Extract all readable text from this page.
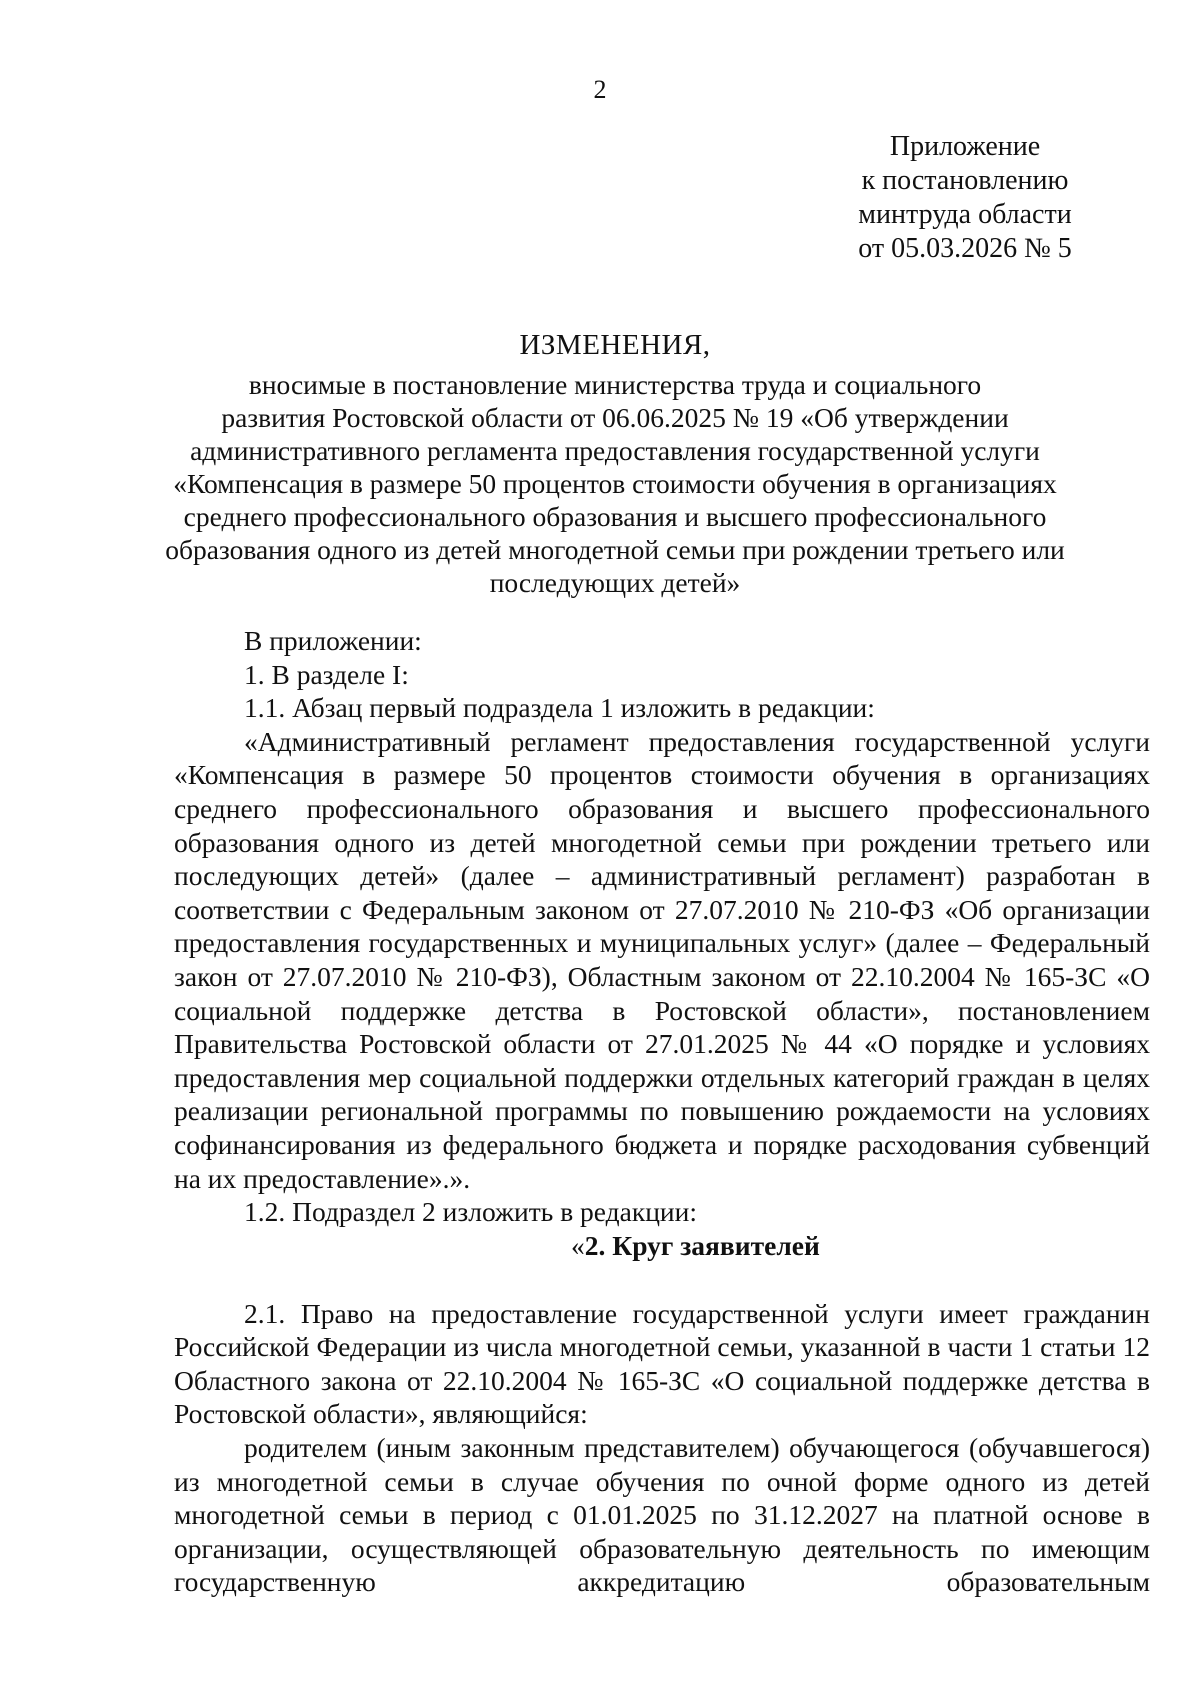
2
Приложение
к постановлению
минтруда области
от 05.03.2026 № 5
ИЗМЕНЕНИЯ,
вносимые в постановление министерства труда и социального
развития Ростовской области от 06.06.2025 № 19 «Об утверждении
административного регламента предоставления государственной услуги
«Компенсация в размере 50 процентов стоимости обучения в организациях
среднего профессионального образования и высшего профессионального
образования одного из детей многодетной семьи при рождении третьего или
последующих детей»

В приложении:

1. В разделе I:

1.1. Абзац первый подраздела 1 изложить в редакции:

«Административный регламент предоставления государственной услуги «Компенсация в размере 50 процентов стоимости обучения в организациях среднего профессионального образования и высшего профессионального образования одного из детей многодетной семьи при рождении третьего или последующих детей» (далее – административный регламент) разработан в соответствии с Федеральным законом от 27.07.2010 № 210-ФЗ «Об организации предоставления государственных и муниципальных услуг» (далее – Федеральный закон от 27.07.2010 № 210-ФЗ), Областным законом от 22.10.2004 № 165-ЗС «О социальной поддержке детства в Ростовской области», постановлением Правительства Ростовской области от 27.01.2025 № 44 «О порядке и условиях предоставления мер социальной поддержки отдельных категорий граждан в целях реализации региональной программы по повышению рождаемости на условиях софинансирования из федерального бюджета и порядке расходования субвенций на их предоставление».».

1.2. Подраздел 2 изложить в редакции:

«2. Круг заявителей

2.1. Право на предоставление государственной услуги имеет гражданин Российской Федерации из числа многодетной семьи, указанной в части 1 статьи 12 Областного закона от 22.10.2004 № 165-ЗС «О социальной поддержке детства в Ростовской области», являющийся:

родителем (иным законным представителем) обучающегося (обучавшегося) из многодетной семьи в случае обучения по очной форме одного из детей многодетной семьи в период с 01.01.2025 по 31.12.2027 на платной основе в организации, осуществляющей образовательную деятельность по имеющим государственную аккредитацию образовательным
